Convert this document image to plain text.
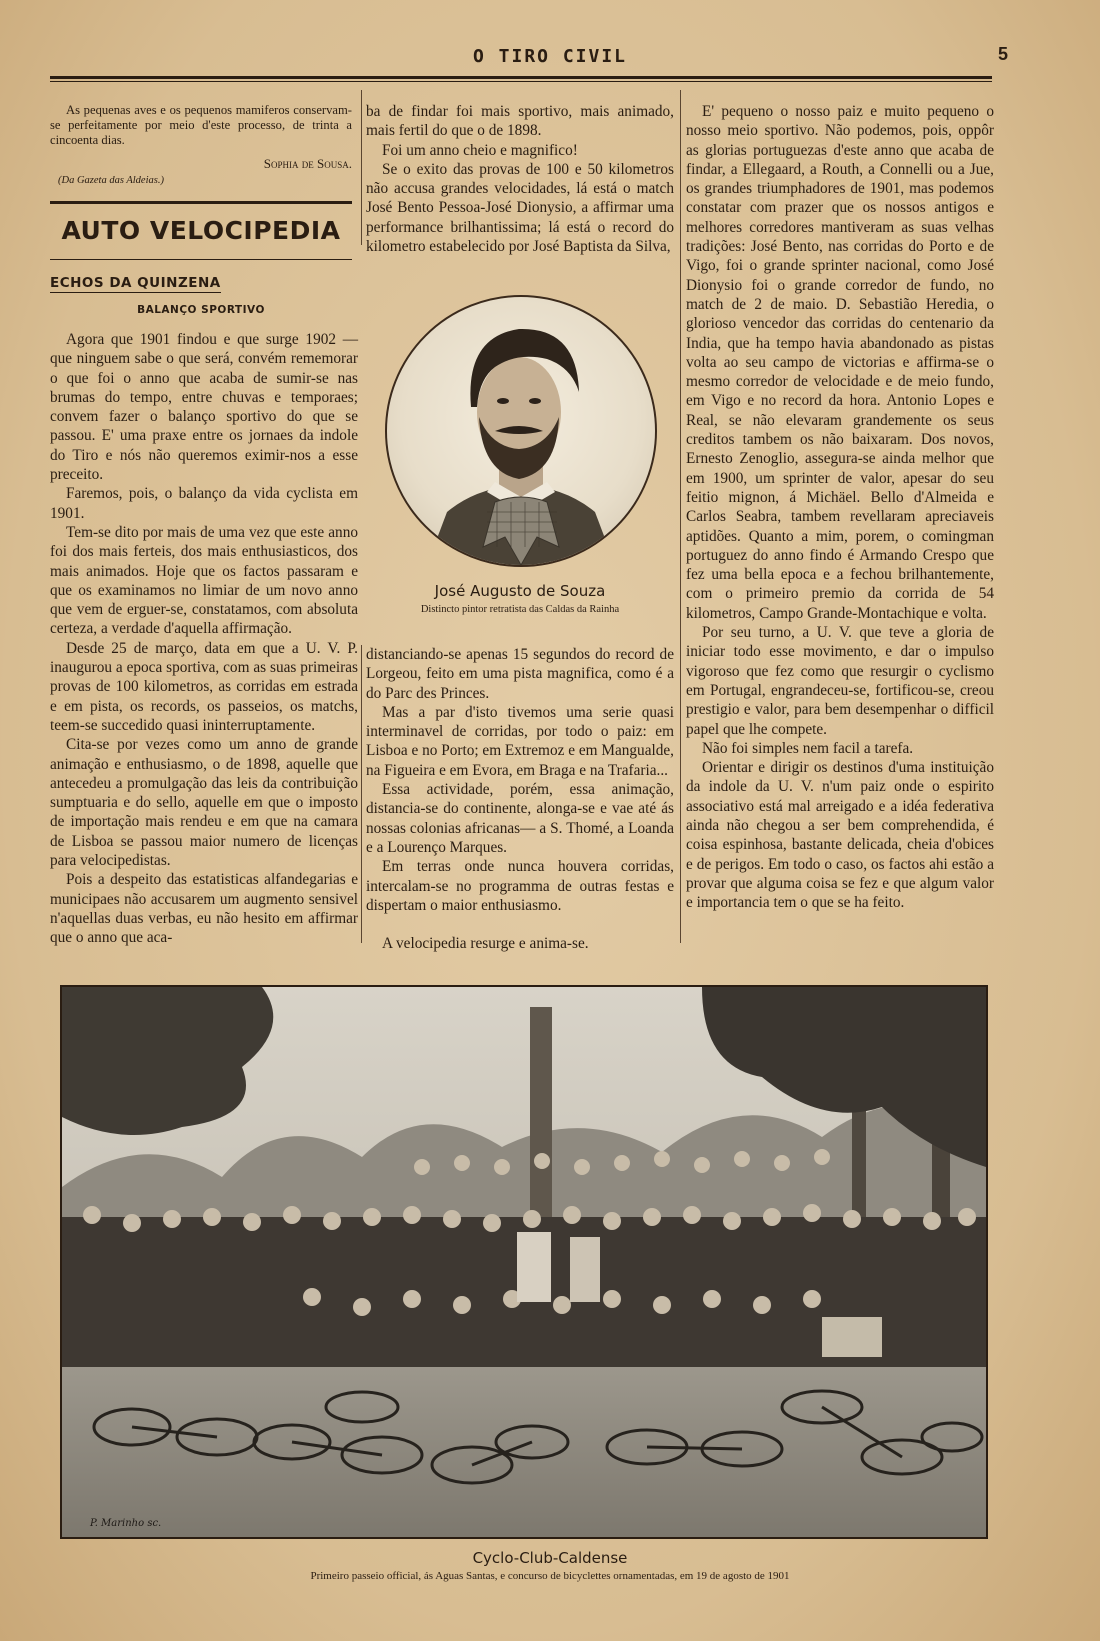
O TIRO CIVIL	5

As pequenas aves e os pequenos mamiferos conservam-se perfeitamente por meio d'este processo, de trinta a cincoenta dias.

Sophia de Sousa.
(Da Gazeta das Aldeias.)
AUTO VELOCIPEDIA
ECHOS DA QUINZENA
BALANÇO SPORTIVO

Agora que 1901 findou e que surge 1902 — que ninguem sabe o que será, convém rememorar o que foi o anno que acaba de sumir-se nas brumas do tempo, entre chuvas e temporaes; convem fazer o balanço sportivo do que se passou. E' uma praxe entre os jornaes da indole do Tiro e nós não queremos eximir-nos a esse preceito.

Faremos, pois, o balanço da vida cyclista em 1901.

Tem-se dito por mais de uma vez que este anno foi dos mais ferteis, dos mais enthusiasticos, dos mais animados. Hoje que os factos passaram e que os examinamos no limiar de um novo anno que vem de erguer-se, constatamos, com absoluta certeza, a verdade d'aquella affirmação.

Desde 25 de março, data em que a U. V. P. inaugurou a epoca sportiva, com as suas primeiras provas de 100 kilometros, as corridas em estrada e em pista, os records, os passeios, os matchs, teem-se succedido quasi ininterruptamente.

Cita-se por vezes como um anno de grande animação e enthusiasmo, o de 1898, aquelle que antecedeu a promulgação das leis da contribuição sumptuaria e do sello, aquelle em que o imposto de importação mais rendeu e em que na camara de Lisboa se passou maior numero de licenças para velocipedistas.

Pois a despeito das estatisticas alfandegarias e municipaes não accusarem um augmento sensivel n'aquellas duas verbas, eu não hesito em affirmar que o anno que aca-

ba de findar foi mais sportivo, mais animado, mais fertil do que o de 1898.

Foi um anno cheio e magnifico!

Se o exito das provas de 100 e 50 kilometros não accusa grandes velocidades, lá está o match José Bento Pessoa-José Dionysio, a affirmar uma performance brilhantissima; lá está o record do kilometro estabelecido por José Baptista da Silva,

José Augusto de Souza
Distincto pintor retratista das Caldas da Rainha

distanciando-se apenas 15 segundos do record de Lorgeou, feito em uma pista magnifica, como é a do Parc des Princes.

Mas a par d'isto tivemos uma serie quasi interminavel de corridas, por todo o paiz: em Lisboa e no Porto; em Extremoz e em Mangualde, na Figueira e em Evora, em Braga e na Trafaria...

Essa actividade, porém, essa animação, distancia-se do continente, alonga-se e vae até ás nossas colonias africanas— a S. Thomé, a Loanda e a Lourenço Marques.

Em terras onde nunca houvera corridas, intercalam-se no programma de outras festas e dispertam o maior enthusiasmo.

A velocipedia resurge e anima-se.

E' pequeno o nosso paiz e muito pequeno o nosso meio sportivo. Não podemos, pois, oppôr as glorias portuguezas d'este anno que acaba de findar, a Ellegaard, a Routh, a Connelli ou a Jue, os grandes triumphadores de 1901, mas podemos constatar com prazer que os nossos antigos e melhores corredores mantiveram as suas velhas tradições: José Bento, nas corridas do Porto e de Vigo, foi o grande sprinter nacional, como José Dionysio foi o grande corredor de fundo, no match de 2 de maio. D. Sebastião Heredia, o glorioso vencedor das corridas do centenario da India, que ha tempo havia abandonado as pistas volta ao seu campo de victorias e affirma-se o mesmo corredor de velocidade e de meio fundo, em Vigo e no record da hora. Antonio Lopes e Real, se não elevaram grandemente os seus creditos tambem os não baixaram. Dos novos, Ernesto Zenoglio, assegura-se ainda melhor que em 1900, um sprinter de valor, apesar do seu feitio mignon, á Michäel. Bello d'Almeida e Carlos Seabra, tambem revellaram apreciaveis aptidões. Quanto a mim, porem, o comingman portuguez do anno findo é Armando Crespo que fez uma bella epoca e a fechou brilhantemente, com o primeiro premio da corrida de 54 kilometros, Campo Grande-Montachique e volta.

Por seu turno, a U. V. que teve a gloria de iniciar todo esse movimento, e dar o impulso vigoroso que fez como que resurgir o cyclismo em Portugal, engrandeceu-se, fortificou-se, creou prestigio e valor, para bem desempenhar o difficil papel que lhe compete.

Não foi simples nem facil a tarefa.

Orientar e dirigir os destinos d'uma instituição da indole da U. V. n'um paiz onde o espirito associativo está mal arreigado e a idéa federativa ainda não chegou a ser bem comprehendida, é coisa espinhosa, bastante delicada, cheia d'obices e de perigos. Em todo o caso, os factos ahi estão a provar que alguma coisa se fez e que algum valor e importancia tem o que se ha feito.

P. Marinho sc.
Cyclo-Club-Caldense
Primeiro passeio official, ás Aguas Santas, e concurso de bicyclettes ornamentadas, em 19 de agosto de 1901
